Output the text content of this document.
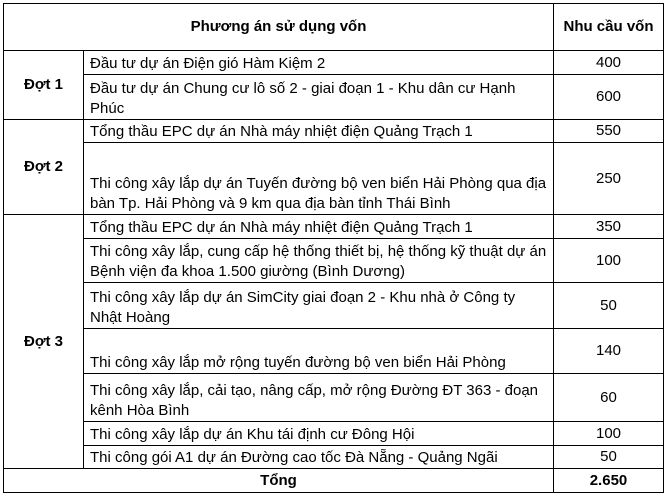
Phương án sử dụng vốn		Nhu cầu vốn
Đợt 1	Đầu tư dự án Điện gió Hàm Kiệm 2	400
	Đầu tư dự án Chung cư lô số 2 - giai đoạn 1 - Khu dân cư Hạnh Phúc	600
Đợt 2	Tổng thầu EPC dự án Nhà máy nhiệt điện Quảng Trạch 1	550
	Thi công xây lắp dự án Tuyến đường bộ ven biển Hải Phòng qua địa bàn Tp. Hải Phòng và 9 km qua địa bàn tỉnh Thái Bình	250
Đợt 3	Tổng thầu EPC dự án Nhà máy nhiệt điện Quảng Trạch 1	350
	Thi công xây lắp, cung cấp hệ thống thiết bị, hệ thống kỹ thuật dự án Bệnh viện đa khoa 1.500 giường (Bình Dương)	100
	Thi công xây lắp dự án SimCity giai đoạn 2 - Khu nhà ở Công ty Nhật Hoàng	50
	Thi công xây lắp mở rộng tuyến đường bộ ven biển Hải Phòng	140
	Thi công xây lắp, cải tạo, nâng cấp, mở rộng Đường ĐT 363 - đoạn kênh Hòa Bình	60
	Thi công xây lắp dự án Khu tái định cư Đông Hội	100
	Thi công gói A1 dự án Đường cao tốc Đà Nẵng - Quảng Ngãi	50
Tổng		2.650
